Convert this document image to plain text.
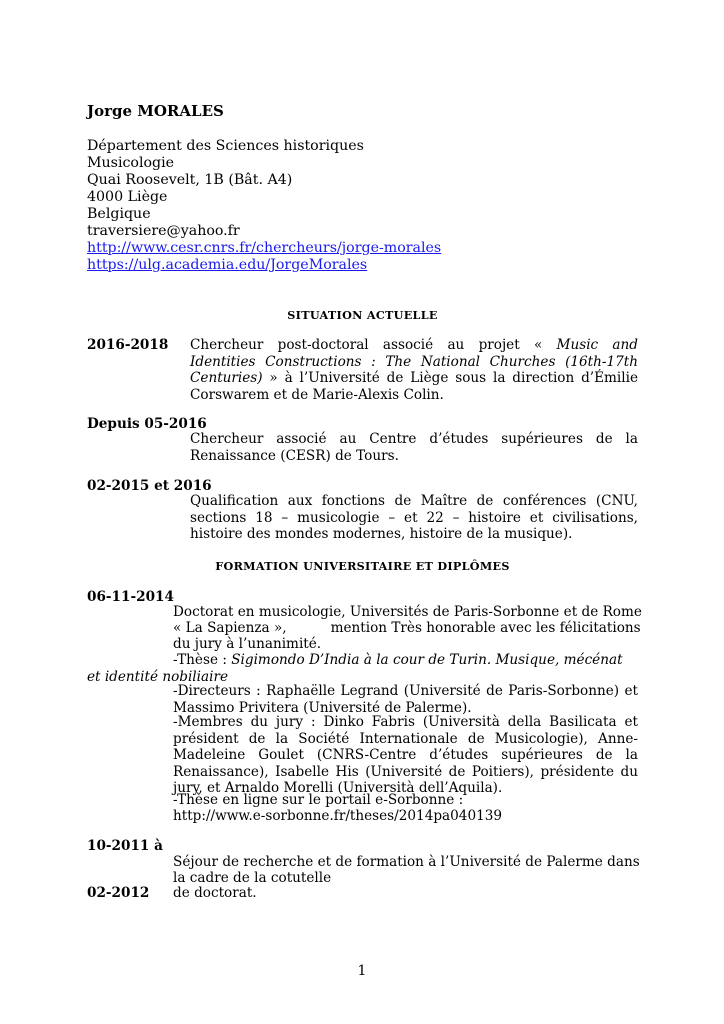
Jorge MORALES
Département des Sciences historiques
Musicologie
Quai Roosevelt, 1B (Bât. A4)
4000 Liège
Belgique
traversiere@yahoo.fr
http://www.cesr.cnrs.fr/chercheurs/jorge-morales
https://ulg.academia.edu/JorgeMorales
SITUATION ACTUELLE
2016-2018 Chercheur post-doctoral associé au projet « Music and Identities Constructions : The National Churches (16th-17th Centuries) » à l’Université de Liège sous la direction d’Émilie Corswarem et de Marie-Alexis Colin.
Depuis 05-2016
Chercheur associé au Centre d’études supérieures de la Renaissance (CESR) de Tours.
02-2015 et 2016
Qualification aux fonctions de Maître de conférences (CNU, sections 18 – musicologie – et 22 – histoire et civilisations, histoire des mondes modernes, histoire de la musique).
FORMATION UNIVERSITAIRE ET DIPLÔMES
06-11-2014
Doctorat en musicologie, Universités de Paris-Sorbonne et de Rome
« La Sapienza »,	mention Très honorable avec les félicitations
du jury à l’unanimité.
-Thèse : Sigimondo D’India à la cour de Turin. Musique, mécénat et identité nobiliaire
-Directeurs : Raphaëlle Legrand (Université de Paris-Sorbonne) et Massimo Privitera (Université de Palerme).
-Membres du jury : Dinko Fabris (Università della Basilicata et président de la Société Internationale de Musicologie), Anne-Madeleine Goulet (CNRS-Centre d’études supérieures de la Renaissance), Isabelle His (Université de Poitiers), présidente du jury, et Arnaldo Morelli (Università dell’Aquila).
-Thèse en ligne sur le portail e-Sorbonne :
http://www.e-sorbonne.fr/theses/2014pa040139
10-2011 à
Séjour de recherche et de formation à l’Université de Palerme dans
la cadre de la cotutelle
02-2012 de doctorat.
1
